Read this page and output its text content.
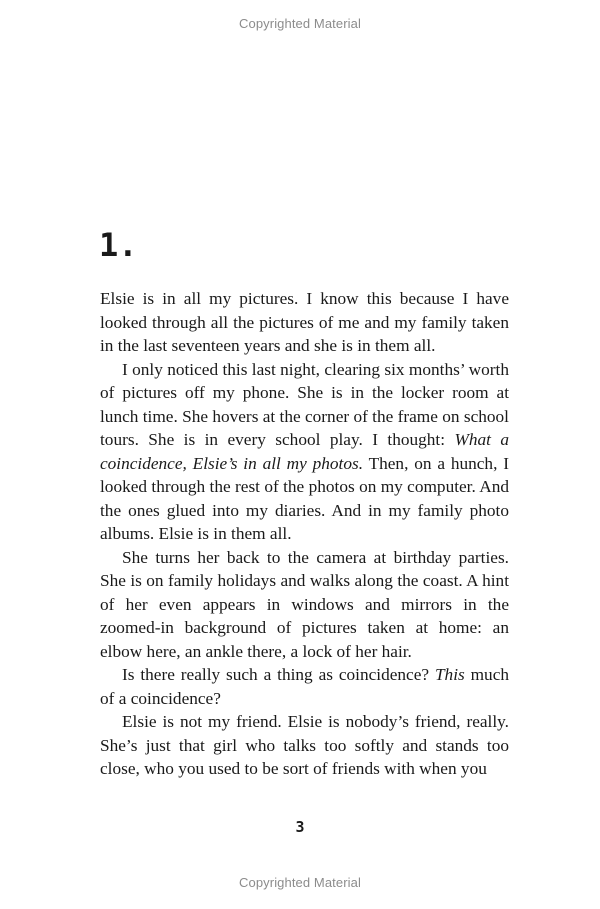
Copyrighted Material
1.

Elsie is in all my pictures. I know this because I have looked through all the pictures of me and my family taken in the last seventeen years and she is in them all.

I only noticed this last night, clearing six months’ worth of pictures off my phone. She is in the locker room at lunch time. She hovers at the corner of the frame on school tours. She is in every school play. I thought: What a coincidence, Elsie’s in all my photos. Then, on a hunch, I looked through the rest of the photos on my computer. And the ones glued into my diaries. And in my family photo albums. Elsie is in them all.

She turns her back to the camera at birthday parties. She is on family holidays and walks along the coast. A hint of her even appears in windows and mirrors in the zoomed-in background of pictures taken at home: an elbow here, an ankle there, a lock of her hair.

Is there really such a thing as coincidence? This much of a coincidence?

Elsie is not my friend. Elsie is nobody’s friend, really. She’s just that girl who talks too softly and stands too close, who you used to be sort of friends with when you

3
Copyrighted Material
